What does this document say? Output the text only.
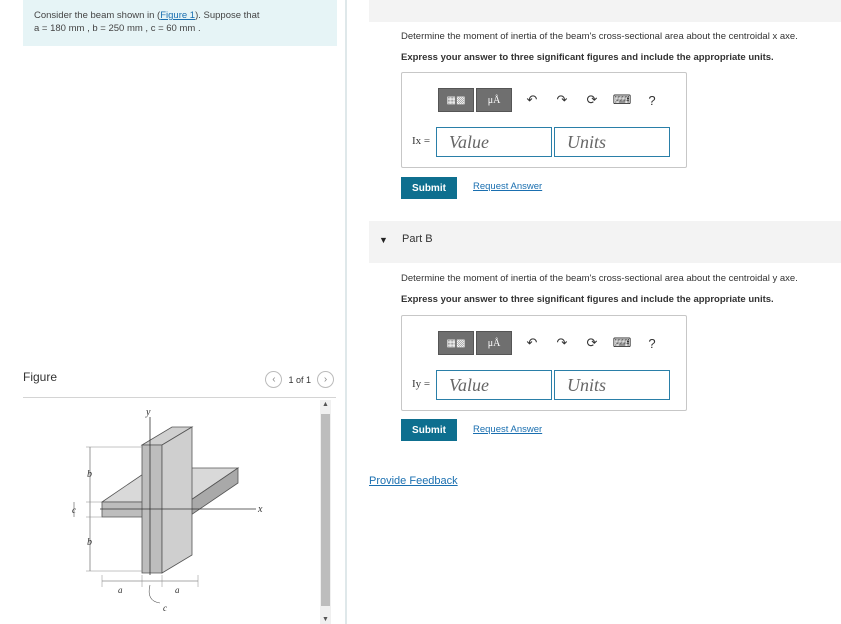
Consider the beam shown in (Figure 1). Suppose that
a = 180 mm , b = 250 mm , c = 60 mm .
Figure	‹	1 of 1	›
y
x
b
b
c
a	a
c
▲
▼
Determine the moment of inertia of the beam's cross-sectional area about the centroidal x axe.
Express your answer to three significant figures and include the appropriate units.
▦▩	μÅ	↶	↷	⟳	⌨	?
Ix =	Value	Units
Submit	Request Answer
▼ Part B
Determine the moment of inertia of the beam's cross-sectional area about the centroidal y axe.
Express your answer to three significant figures and include the appropriate units.
▦▩	μÅ	↶	↷	⟳	⌨	?
Iy =	Value	Units
Submit	Request Answer
Provide Feedback
